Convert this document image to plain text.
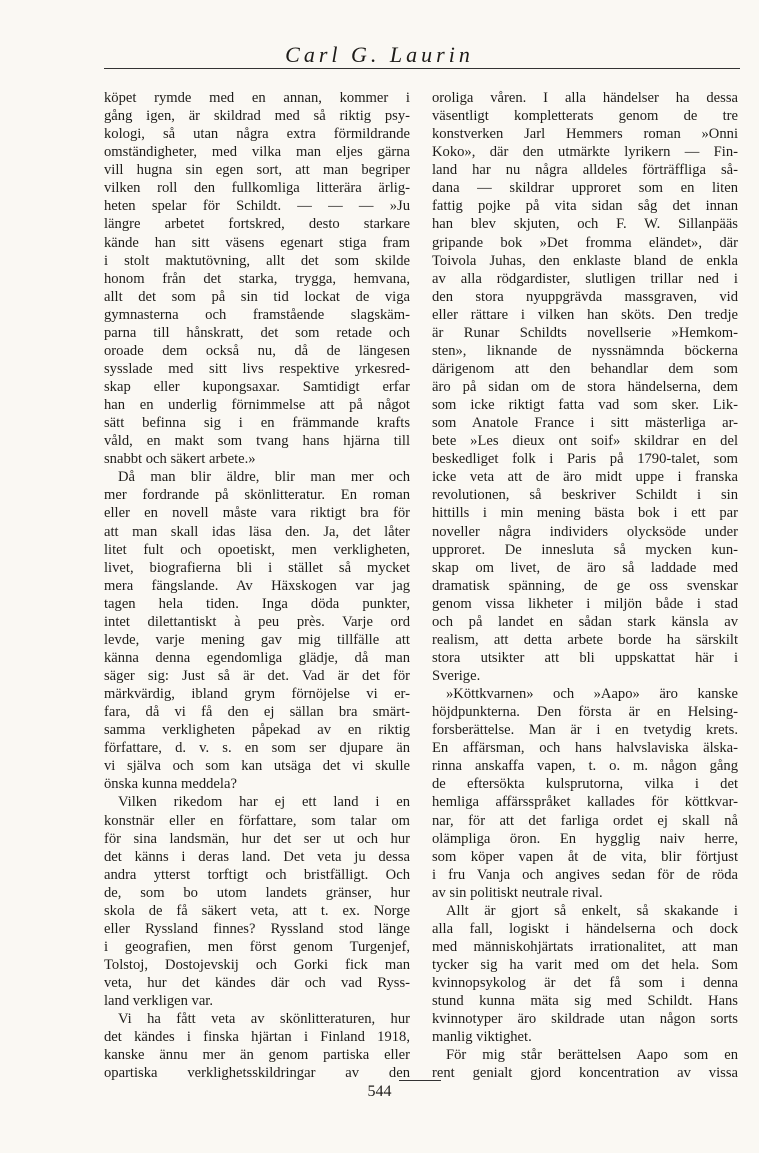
Carl G. Laurin
köpet rymde med en annan, kommer i
gång igen, är skildrad med så riktig psy-
kologi, så utan några extra förmildrande
omständigheter, med vilka man eljes gärna
vill hugna sin egen sort, att man begriper
vilken roll den fullkomliga litterära ärlig-
heten spelar för Schildt. — — — »Ju
längre arbetet fortskred, desto starkare
kände han sitt väsens egenart stiga fram
i stolt maktutövning, allt det som skilde
honom från det starka, trygga, hemvana,
allt det som på sin tid lockat de viga
gymnasterna och framstående slagskäm-
parna till hånskratt, det som retade och
oroade dem också nu, då de längesen
sysslade med sitt livs respektive yrkesred-
skap eller kupongsaxar. Samtidigt erfar
han en underlig förnimmelse att på något
sätt befinna sig i en främmande krafts
våld, en makt som tvang hans hjärna till
snabbt och säkert arbete.»
Då man blir äldre, blir man mer och
mer fordrande på skönlitteratur. En roman
eller en novell måste vara riktigt bra för
att man skall idas läsa den. Ja, det låter
litet fult och opoetiskt, men verkligheten,
livet, biografierna bli i stället så mycket
mera fängslande. Av Häxskogen var jag
tagen hela tiden. Inga döda punkter,
intet dilettantiskt à peu près. Varje ord
levde, varje mening gav mig tillfälle att
känna denna egendomliga glädje, då man
säger sig: Just så är det. Vad är det för
märkvärdig, ibland grym förnöjelse vi er-
fara, då vi få den ej sällan bra smärt-
samma verkligheten påpekad av en riktig
författare, d. v. s. en som ser djupare än
vi själva och som kan utsäga det vi skulle
önska kunna meddela?
Vilken rikedom har ej ett land i en
konstnär eller en författare, som talar om
för sina landsmän, hur det ser ut och hur
det känns i deras land. Det veta ju dessa
andra ytterst torftigt och bristfälligt. Och
de, som bo utom landets gränser, hur
skola de få säkert veta, att t. ex. Norge
eller Ryssland finnes? Ryssland stod länge
i geografien, men först genom Turgenjef,
Tolstoj, Dostojevskij och Gorki fick man
veta, hur det kändes där och vad Ryss-
land verkligen var.
Vi ha fått veta av skönlitteraturen, hur
det kändes i finska hjärtan i Finland 1918,
kanske ännu mer än genom partiska eller
opartiska verklighetsskildringar av den
oroliga våren. I alla händelser ha dessa
väsentligt kompletterats genom de tre
konstverken Jarl Hemmers roman »Onni
Koko», där den utmärkte lyrikern — Fin-
land har nu några alldeles förträffliga så-
dana — skildrar upproret som en liten
fattig pojke på vita sidan såg det innan
han blev skjuten, och F. W. Sillanpääs
gripande bok »Det fromma eländet», där
Toivola Juhas, den enklaste bland de enkla
av alla rödgardister, slutligen trillar ned i
den stora nyuppgrävda massgraven, vid
eller rättare i vilken han sköts. Den tredje
är Runar Schildts novellserie »Hemkom-
sten», liknande de nyssnämnda böckerna
därigenom att den behandlar dem som
äro på sidan om de stora händelserna, dem
som icke riktigt fatta vad som sker. Lik-
som Anatole France i sitt mästerliga ar-
bete »Les dieux ont soif» skildrar en del
beskedliget folk i Paris på 1790-talet, som
icke veta att de äro midt uppe i franska
revolutionen, så beskriver Schildt i sin
hittills i min mening bästa bok i ett par
noveller några individers olycksöde under
upproret. De innesluta så mycken kun-
skap om livet, de äro så laddade med
dramatisk spänning, de ge oss svenskar
genom vissa likheter i miljön både i stad
och på landet en sådan stark känsla av
realism, att detta arbete borde ha särskilt
stora utsikter att bli uppskattat här i
Sverige.
»Köttkvarnen» och »Aapo» äro kanske
höjdpunkterna. Den första är en Helsing-
forsberättelse. Man är i en tvetydig krets.
En affärsman, och hans halvslaviska älska-
rinna anskaffa vapen, t. o. m. någon gång
de eftersökta kulsprutorna, vilka i det
hemliga affärsspråket kallades för köttkvar-
nar, för att det farliga ordet ej skall nå
olämpliga öron. En hygglig naiv herre,
som köper vapen åt de vita, blir förtjust
i fru Vanja och angives sedan för de röda
av sin politiskt neutrale rival.
Allt är gjort så enkelt, så skakande i
alla fall, logiskt i händelserna och dock
med människohjärtats irrationalitet, att man
tycker sig ha varit med om det hela. Som
kvinnopsykolog är det få som i denna
stund kunna mäta sig med Schildt. Hans
kvinnotyper äro skildrade utan någon sorts
manlig viktighet.
För mig står berättelsen Aapo som en
rent genialt gjord koncentration av vissa
544
